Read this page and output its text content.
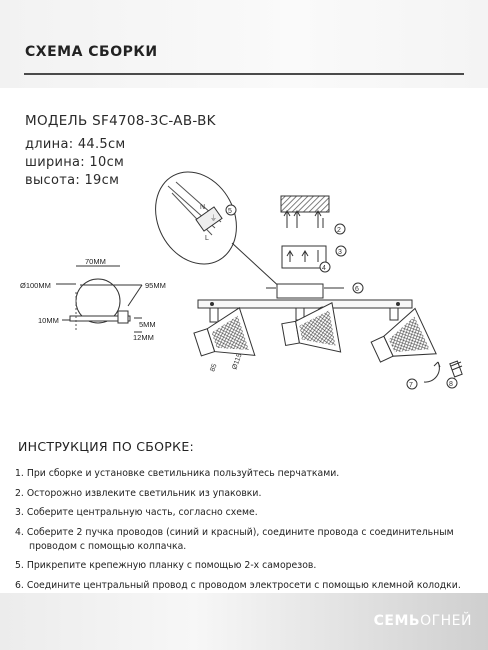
СХЕМА СБОРКИ
МОДЕЛЬ SF4708-3C-AB-BK
длина: 44.5см
ширина: 10см
высота: 19см
N
⏚
L
5
2
3
4
6
85 Ø115
7	8
70MM
Ø100MM	95MM
10MM	5MM
12MM
ИНСТРУКЦИЯ ПО СБОРКЕ:
1. При сборке и установке светильника пользуйтесь перчатками.
2. Осторожно извлеките светильник из упаковки.
3. Соберите центральную часть, согласно схеме.
4. Соберите 2 пучка проводов (синий и красный), соедините провода с соединительным
проводом с помощью колпачка.
5. Прикрепите крепежную планку с помощью 2-х саморезов.
6. Соедините центральный провод с проводом электросети с помощью клемной колодки.
СЕМЬОГНЕЙ
